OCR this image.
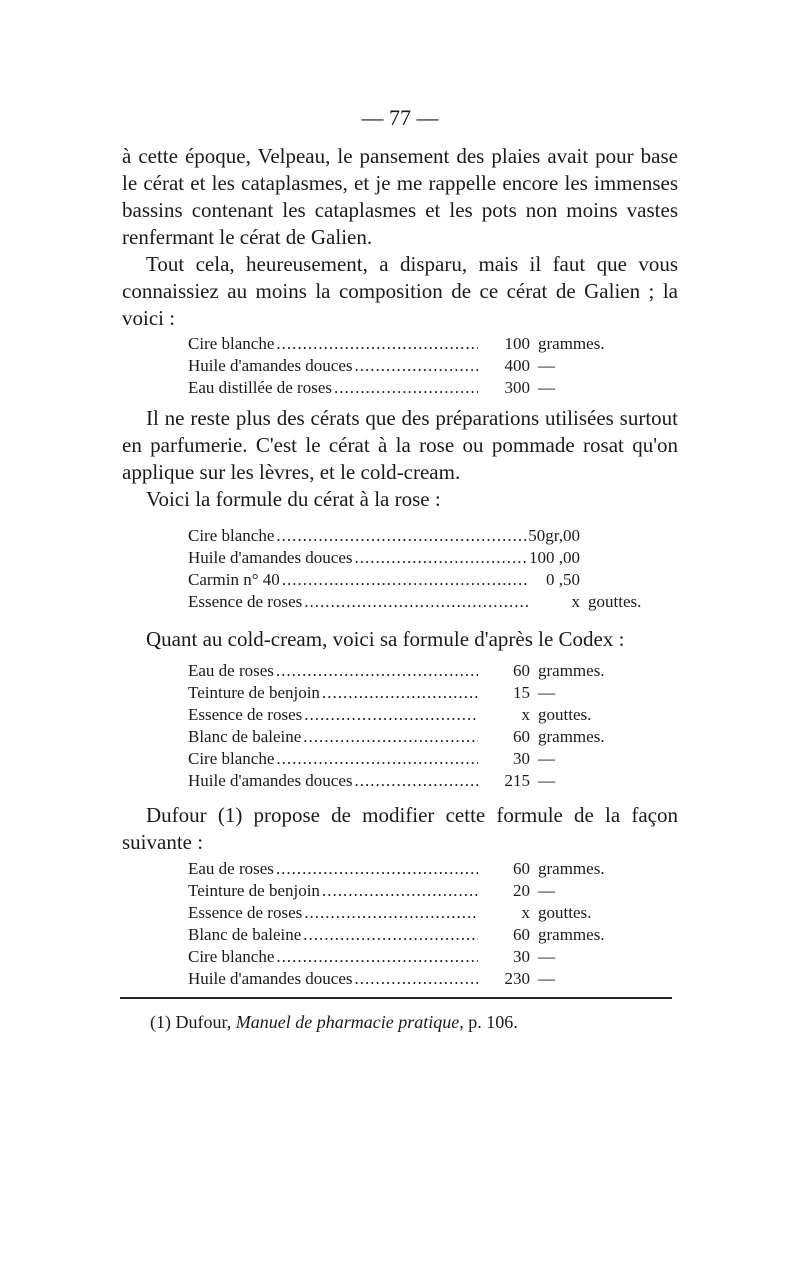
— 77 —

à cette époque, Velpeau, le pansement des plaies avait pour base le cérat et les cataplasmes, et je me rappelle encore les immenses bassins contenant les cataplasmes et les pots non moins vastes renfermant le cérat de Galien.

Tout cela, heureusement, a disparu, mais il faut que vous connaissiez au moins la composition de ce cérat de Galien ; la voici :

Cire blanche .....	100 grammes.
Huile d'amandes douces .....	400 —
Eau distillée de roses .....	300 —

Il ne reste plus des cérats que des préparations utilisées surtout en parfumerie. C'est le cérat à la rose ou pommade rosat qu'on applique sur les lèvres, et le cold-cream.

Voici la formule du cérat à la rose :

Cire blanche .....	50gr,00
Huile d'amandes douces .....	100 ,00
Carmin n° 40 .....	0 ,50
Essence de roses .....	x gouttes.

Quant au cold-cream, voici sa formule d'après le Codex :

Eau de roses .....	60 grammes.
Teinture de benjoin .....	15 —
Essence de roses .....	x gouttes.
Blanc de baleine .....	60 grammes.
Cire blanche .....	30 —
Huile d'amandes douces .....	215 —

Dufour (1) propose de modifier cette formule de la façon suivante :

Eau de roses .....	60 grammes.
Teinture de benjoin .....	20 —
Essence de roses .....	x gouttes.
Blanc de baleine .....	60 grammes.
Cire blanche .....	30 —
Huile d'amandes douces .....	230 —
(1) Dufour, Manuel de pharmacie pratique, p. 106.
